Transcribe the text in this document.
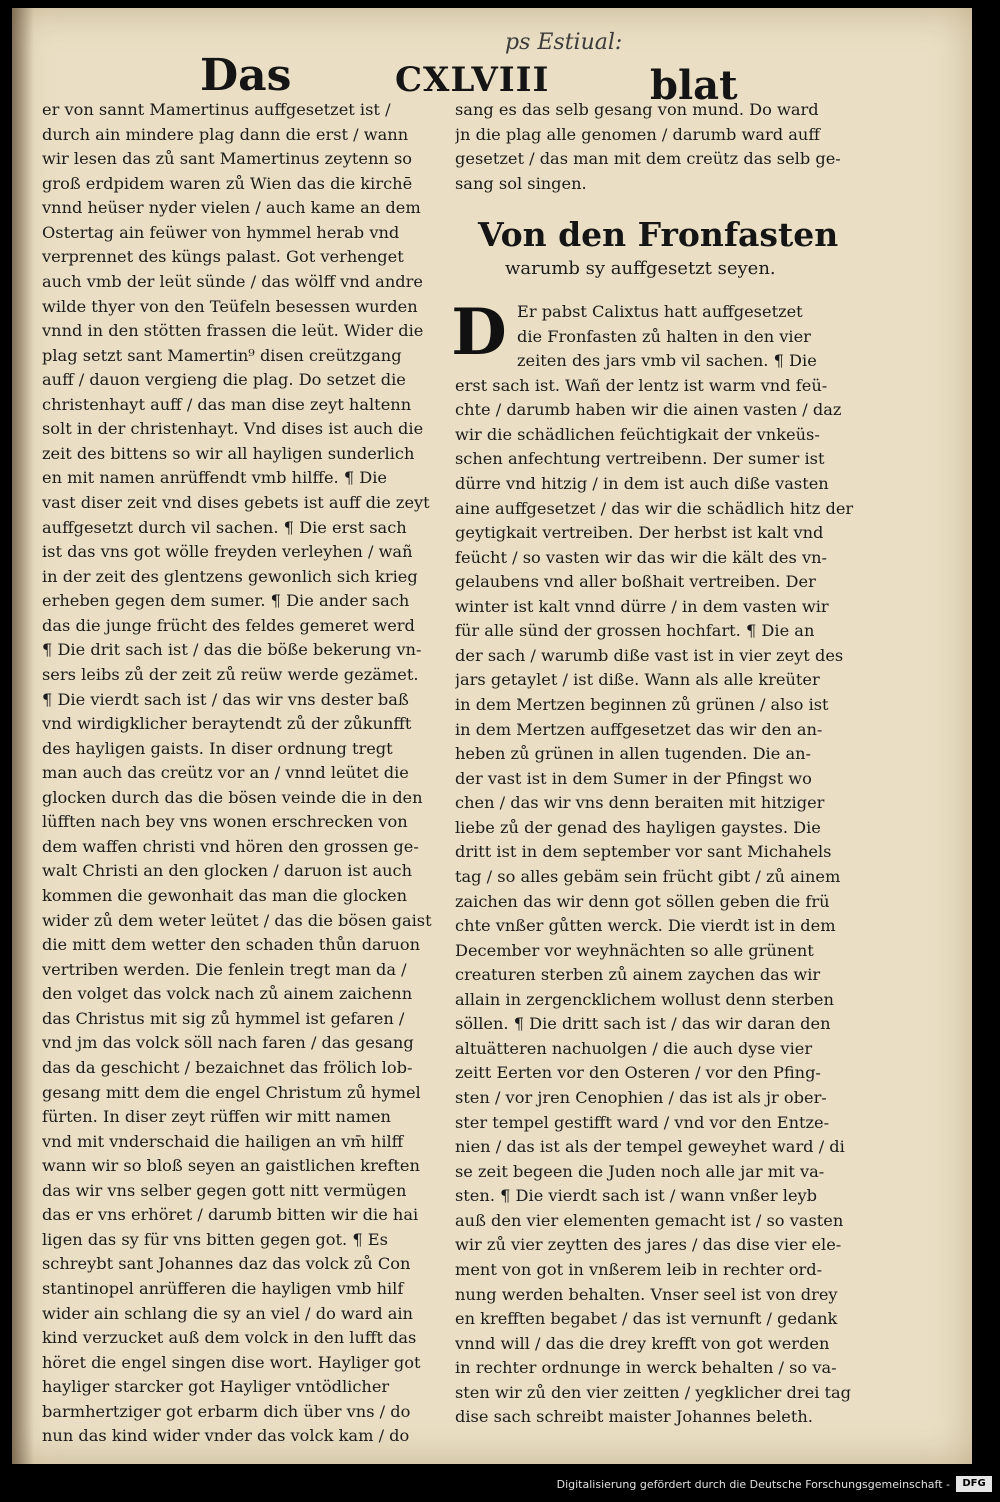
ps Estiual:
Das	CXLVIII	blat
er von sannt Mamertinus auffgesetzet ist /
durch ain mindere plag dann die erst / wann
wir lesen das zů sant Mamertinus zeytenn so
groß erdpidem waren zů Wien das die kirchē
vnnd heüser nyder vielen / auch kame an dem
Ostertag ain feüwer von hymmel herab vnd
verprennet des küngs palast. Got verhenget
auch vmb der leüt sünde / das wölff vnd andre
wilde thyer von den Teüfeln besessen wurden
vnnd in den stötten frassen die leüt. Wider die
plag setzt sant Mamertin⁹ disen creützgang
auff / dauon vergieng die plag. Do setzet die
christenhayt auff / das man dise zeyt haltenn
solt in der christenhayt. Vnd dises ist auch die
zeit des bittens so wir all hayligen sunderlich
en mit namen anrüffendt vmb hilffe. ¶ Die
vast diser zeit vnd dises gebets ist auff die zeyt
auffgesetzt durch vil sachen. ¶ Die erst sach
ist das vns got wölle freyden verleyhen / wañ
in der zeit des glentzens gewonlich sich krieg
erheben gegen dem sumer. ¶ Die ander sach
das die junge frücht des feldes gemeret werd
¶ Die drit sach ist / das die böße bekerung vn-
sers leibs zů der zeit zů reüw werde gezämet.
¶ Die vierdt sach ist / das wir vns dester baß
vnd wirdigklicher beraytendt zů der zůkunfft
des hayligen gaists. In diser ordnung tregt
man auch das creütz vor an / vnnd leütet die
glocken durch das die bösen veinde die in den
lüfften nach bey vns wonen erschrecken von
dem waffen christi vnd hören den grossen ge-
walt Christi an den glocken / daruon ist auch
kommen die gewonhait das man die glocken
wider zů dem weter leütet / das die bösen gaist
die mitt dem wetter den schaden thůn daruon
vertriben werden. Die fenlein tregt man da /
den volget das volck nach zů ainem zaichenn
das Christus mit sig zů hymmel ist gefaren /
vnd jm das volck söll nach faren / das gesang
das da geschicht / bezaichnet das frölich lob-
gesang mitt dem die engel Christum zů hymel
fürten. In diser zeyt rüffen wir mitt namen
vnd mit vnderschaid die hailigen an vm̄ hilff
wann wir so bloß seyen an gaistlichen kreften
das wir vns selber gegen gott nitt vermügen
das er vns erhöret / darumb bitten wir die hai
ligen das sy für vns bitten gegen got. ¶ Es
schreybt sant Johannes daz das volck zů Con
stantinopel anrüfferen die hayligen vmb hilf
wider ain schlang die sy an viel / do ward ain
kind verzucket auß dem volck in den lufft das
höret die engel singen dise wort. Hayliger got
hayliger starcker got Hayliger vntödlicher
barmhertziger got erbarm dich über vns / do
nun das kind wider vnder das volck kam / do
sang es das selb gesang von mund. Do ward
jn die plag alle genomen / darumb ward auff
gesetzet / das man mit dem creütz das selb ge-
sang sol singen.
Von den Fronfasten
warumb sy auffgesetzt seyen.
D Er pabst Calixtus hatt auffgesetzet
die Fronfasten zů halten in den vier
zeiten des jars vmb vil sachen. ¶ Die
erst sach ist. Wañ der lentz ist warm vnd feü-
chte / darumb haben wir die ainen vasten / daz
wir die schädlichen feüchtigkait der vnkeüs-
schen anfechtung vertreibenn. Der sumer ist
dürre vnd hitzig / in dem ist auch diße vasten
aine auffgesetzet / das wir die schädlich hitz der
geytigkait vertreiben. Der herbst ist kalt vnd
feücht / so vasten wir das wir die kält des vn-
gelaubens vnd aller boßhait vertreiben. Der
winter ist kalt vnnd dürre / in dem vasten wir
für alle sünd der grossen hochfart. ¶ Die an
der sach / warumb diße vast ist in vier zeyt des
jars getaylet / ist diße. Wann als alle kreüter
in dem Mertzen beginnen zů grünen / also ist
in dem Mertzen auffgesetzet das wir den an-
heben zů grünen in allen tugenden. Die an-
der vast ist in dem Sumer in der Pfingst wo
chen / das wir vns denn beraiten mit hitziger
liebe zů der genad des hayligen gaystes. Die
dritt ist in dem september vor sant Michahels
tag / so alles gebäm sein frücht gibt / zů ainem
zaichen das wir denn got söllen geben die frü
chte vnßer gůtten werck. Die vierdt ist in dem
December vor weyhnächten so alle grünent
creaturen sterben zů ainem zaychen das wir
allain in zergencklichem wollust denn sterben
söllen. ¶ Die dritt sach ist / das wir daran den
altuätteren nachuolgen / die auch dyse vier
zeitt Eerten vor den Osteren / vor den Pfing-
sten / vor jren Cenophien / das ist als jr ober-
ster tempel gestifft ward / vnd vor den Entze-
nien / das ist als der tempel geweyhet ward / di
se zeit begeen die Juden noch alle jar mit va-
sten. ¶ Die vierdt sach ist / wann vnßer leyb
auß den vier elementen gemacht ist / so vasten
wir zů vier zeytten des jares / das dise vier ele-
ment von got in vnßerem leib in rechter ord-
nung werden behalten. Vnser seel ist von drey
en krefften begabet / das ist vernunft / gedank
vnnd will / das die drey krefft von got werden
in rechter ordnunge in werck behalten / so va-
sten wir zů den vier zeitten / yegklicher drei tag
dise sach schreibt maister Johannes beleth.
Digitalisierung gefördert durch die Deutsche Forschungsgemeinschaft -	DFG
